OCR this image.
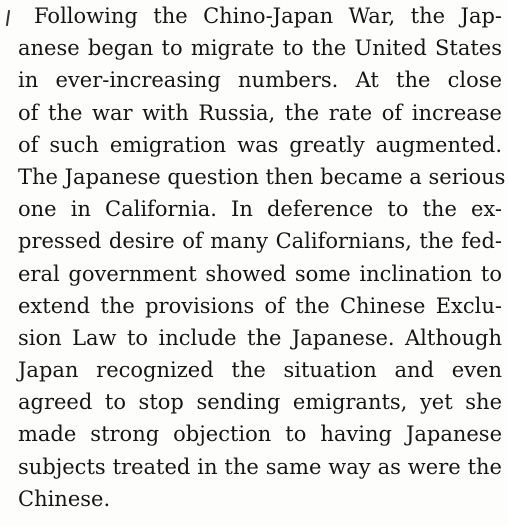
Following the Chino-Japan War, the Jap-
anese began to migrate to the United States
in ever-increasing numbers. At the close
of the war with Russia, the rate of increase
of such emigration was greatly augmented.
The Japanese question then became a serious
one in California. In deference to the ex-
pressed desire of many Californians, the fed-
eral government showed some inclination to
extend the provisions of the Chinese Exclu-
sion Law to include the Japanese. Although
Japan recognized the situation and even
agreed to stop sending emigrants, yet she
made strong objection to having Japanese
subjects treated in the same way as were the
Chinese.
